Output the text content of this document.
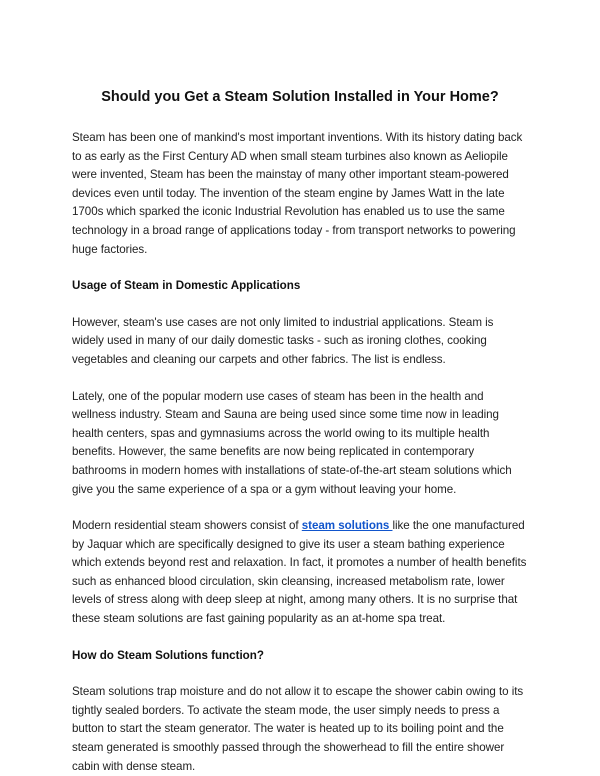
Should you Get a Steam Solution Installed in Your Home?

Steam has been one of mankind's most important inventions. With its history dating back to as early as the First Century AD when small steam turbines also known as Aeliopile were invented, Steam has been the mainstay of many other important steam-powered devices even until today. The invention of the steam engine by James Watt in the late 1700s which sparked the iconic Industrial Revolution has enabled us to use the same technology in a broad range of applications today - from transport networks to powering huge factories.

Usage of Steam in Domestic Applications

However, steam's use cases are not only limited to industrial applications. Steam is widely used in many of our daily domestic tasks - such as ironing clothes, cooking vegetables and cleaning our carpets and other fabrics. The list is endless.

Lately, one of the popular modern use cases of steam has been in the health and wellness industry. Steam and Sauna are being used since some time now in leading health centers, spas and gymnasiums across the world owing to its multiple health benefits. However, the same benefits are now being replicated in contemporary bathrooms in modern homes with installations of state-of-the-art steam solutions which give you the same experience of a spa or a gym without leaving your home.

Modern residential steam showers consist of steam solutions like the one manufactured by Jaquar which are specifically designed to give its user a steam bathing experience which extends beyond rest and relaxation. In fact, it promotes a number of health benefits such as enhanced blood circulation, skin cleansing, increased metabolism rate, lower levels of stress along with deep sleep at night, among many others. It is no surprise that these steam solutions are fast gaining popularity as an at-home spa treat.

How do Steam Solutions function?

Steam solutions trap moisture and do not allow it to escape the shower cabin owing to its tightly sealed borders. To activate the steam mode, the user simply needs to press a button to start the steam generator. The water is heated up to its boiling point and the steam generated is smoothly passed through the showerhead to fill the entire shower cabin with dense steam.
